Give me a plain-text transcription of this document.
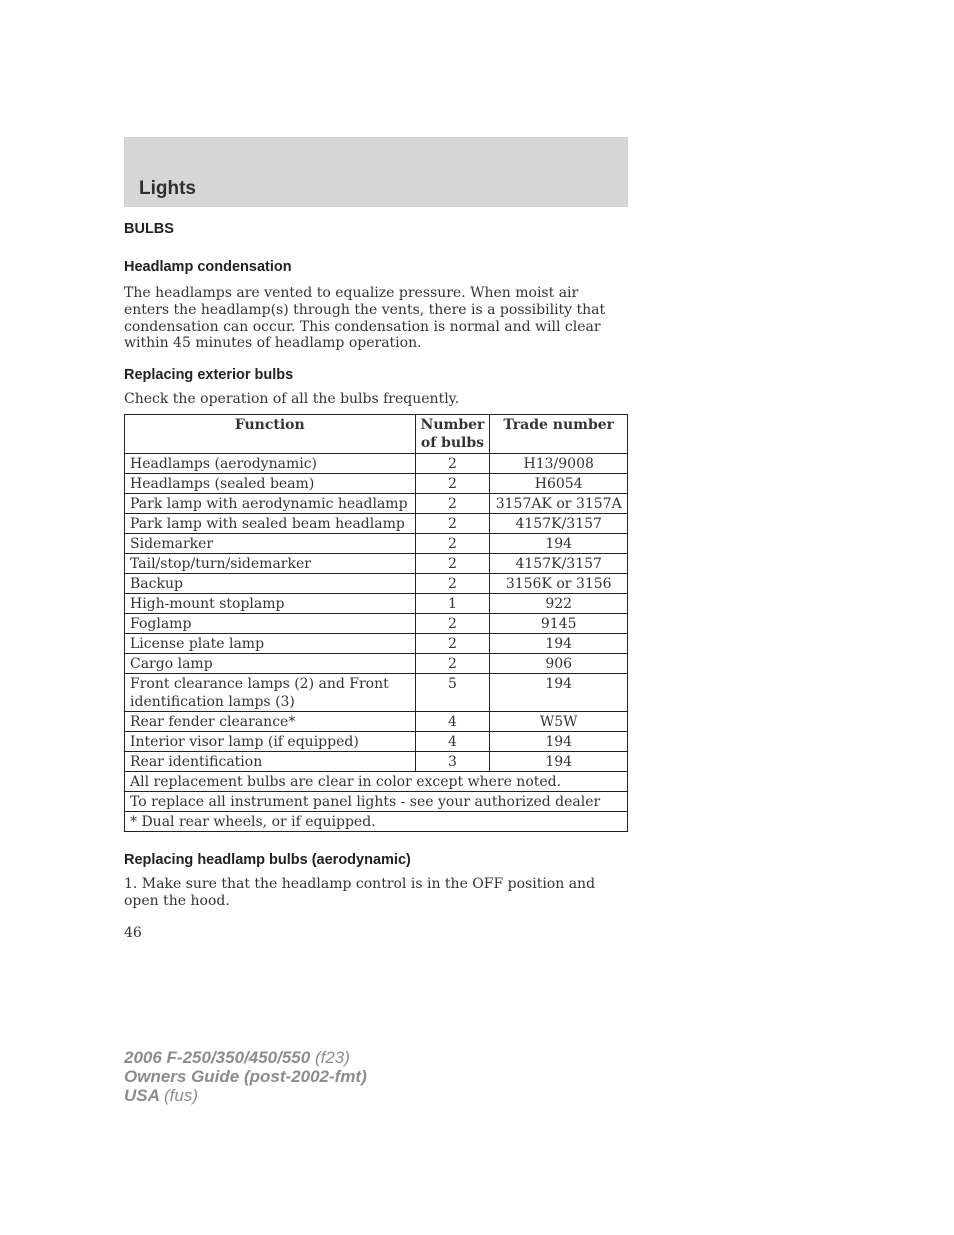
Lights
BULBS
Headlamp condensation

The headlamps are vented to equalize pressure. When moist air enters the headlamp(s) through the vents, there is a possibility that condensation can occur. This condensation is normal and will clear within 45 minutes of headlamp operation.

Replacing exterior bulbs

Check the operation of all the bulbs frequently.

Function	Number of bulbs	Trade number
Headlamps (aerodynamic)	2	H13/9008
Headlamps (sealed beam)	2	H6054
Park lamp with aerodynamic headlamp	2	3157AK or 3157A
Park lamp with sealed beam headlamp	2	4157K/3157
Sidemarker	2	194
Tail/stop/turn/sidemarker	2	4157K/3157
Backup	2	3156K or 3156
High-mount stoplamp	1	922
Foglamp	2	9145
License plate lamp	2	194
Cargo lamp	2	906
Front clearance lamps (2) and Front identification lamps (3)	5	194
Rear fender clearance*	4	W5W
Interior visor lamp (if equipped)	4	194
Rear identification	3	194
All replacement bulbs are clear in color except where noted.		
To replace all instrument panel lights - see your authorized dealer		
* Dual rear wheels, or if equipped.		
Replacing headlamp bulbs (aerodynamic)

1. Make sure that the headlamp control is in the OFF position and open the hood.

46

2006 F-250/350/450/550 (f23)
Owners Guide (post-2002-fmt)
USA (fus)
